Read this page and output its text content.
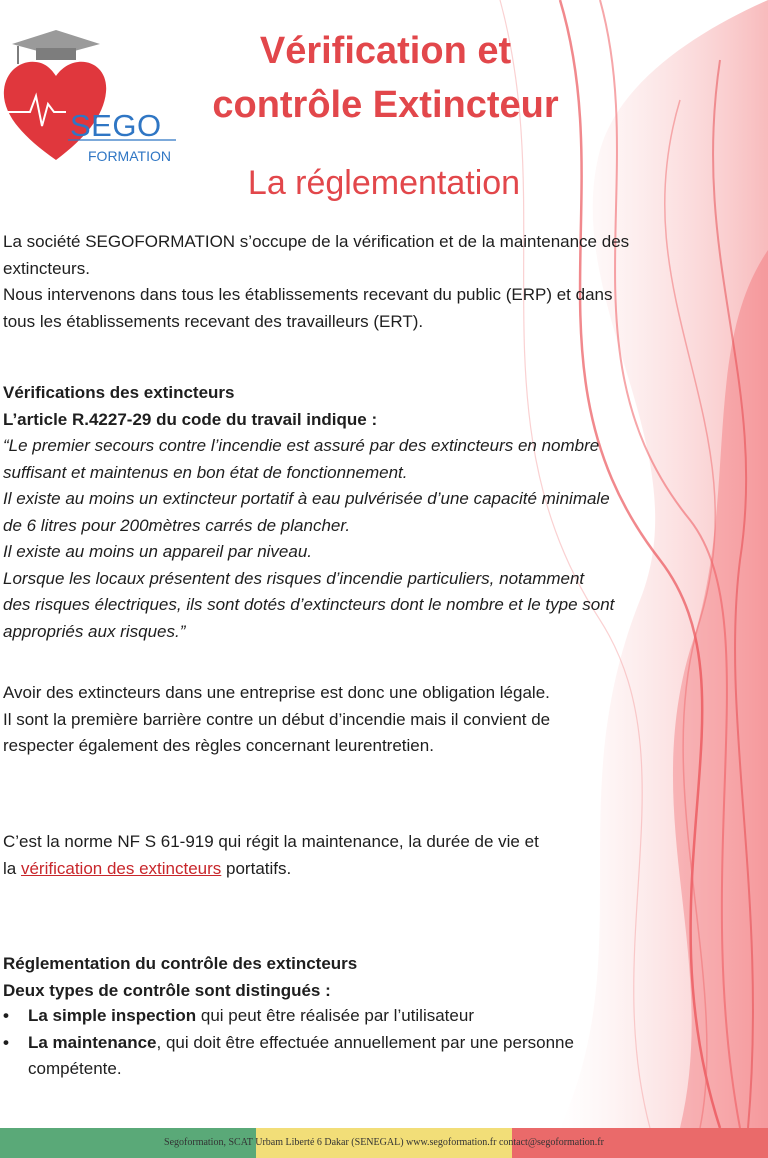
SEGO

FORMATION

Vérification et
contrôle Extincteur
La réglementation

La société SEGOFORMATION s’occupe de la vérification et de la maintenance des
extincteurs.
Nous intervenons dans tous les établissements recevant du public (ERP) et dans
tous les établissements recevant des travailleurs (ERT).

Vérifications des extincteurs
L’article R.4227-29 du code du travail indique :
“Le premier secours contre l’incendie est assuré par des extincteurs en nombre
suffisant et maintenus en bon état de fonctionnement.
Il existe au moins un extincteur portatif à eau pulvérisée d’une capacité minimale
de 6 litres pour 200mètres carrés de plancher.
Il existe au moins un appareil par niveau.
Lorsque les locaux présentent des risques d’incendie particuliers, notamment
des risques électriques, ils sont dotés d’extincteurs dont le nombre et le type sont
appropriés aux risques.”

Avoir des extincteurs dans une entreprise est donc une obligation légale.
Il sont la première barrière contre un début d’incendie mais il convient de
respecter également des règles concernant leurentretien.

C’est la norme NF S 61-919 qui régit la maintenance, la durée de vie et
la vérification des extincteurs portatifs.

Réglementation du contrôle des extincteurs
Deux types de contrôle sont distingués :
• La simple inspection qui peut être réalisée par l’utilisateur
• La maintenance, qui doit être effectuée annuellement par une personne
compétente.

Segoformation, SCAT Urbam Liberté 6 Dakar (SENEGAL) www.segoformation.fr contact@segoformation.fr
